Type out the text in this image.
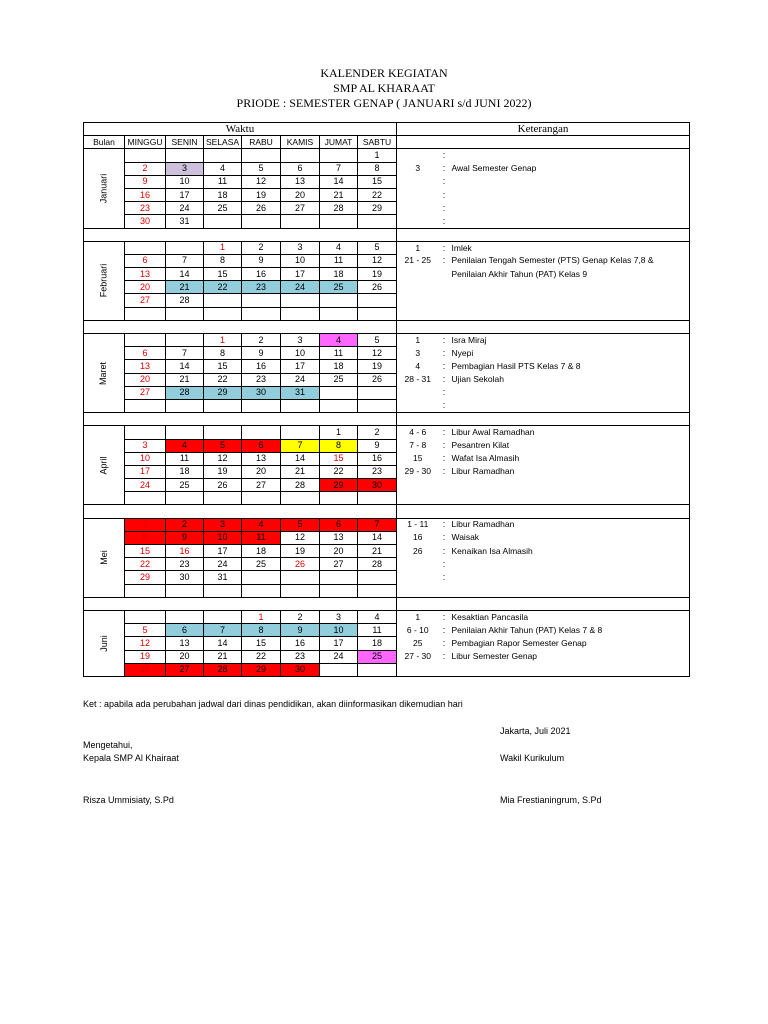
KALENDER KEGIATAN
SMP AL KHARAAT
PRIODE : SEMESTER GENAP ( JANUARI s/d JUNI 2022)
Waktu								Keterangan		
Bulan	MINGGU	SENIN	SELASA	RABU	KAMIS	JUMAT	SABTU			
Januari							1		:	
	2	3	4	5	6	7	8	3	:	Awal Semester Genap
	9	10	11	12	13	14	15		:	
	16	17	18	19	20	21	22		:	
	23	24	25	26	27	28	29		:	
	30	31							:	

Februari			1	2	3	4	5	1	:	Imlek
	6	7	8	9	10	11	12	21 - 25	:	Penilaian Tengah Semester (PTS) Genap Kelas 7,8 &
	13	14	15	16	17	18	19			Penilaian Akhir Tahun (PAT) Kelas 9
	20	21	22	23	24	25	26			
	27	28								

Maret			1	2	3	4	5	1	:	Isra Miraj
	6	7	8	9	10	11	12	3	:	Nyepi
	13	14	15	16	17	18	19	4	:	Pembagian Hasil PTS Kelas 7 & 8
	20	21	22	23	24	25	26	28 - 31	:	Ujian Sekolah
	27	28	29	30	31				:	
									:	

April						1	2	4 - 6	:	Libur Awal Ramadhan
	3	4	5	6	7	8	9	7 - 8	:	Pesantren Kilat
	10	11	12	13	14	15	16	15	:	Wafat Isa Almasih
	17	18	19	20	21	22	23	29 - 30	:	Libur Ramadhan
	24	25	26	27	28	29	30			

Mei	1	2	3	4	5	6	7	1 - 11	:	Libur Ramadhan
	8	9	10	11	12	13	14	16	:	Waisak
	15	16	17	18	19	20	21	26	:	Kenaikan Isa Almasih
	22	23	24	25	26	27	28		:	
	29	30	31						:	

Juni				1	2	3	4	1	:	Kesaktian Pancasila
	5	6	7	8	9	10	11	6 - 10	:	Penilaian Akhir Tahun (PAT) Kelas 7 & 8
	12	13	14	15	16	17	18	25	:	Pembagian Rapor Semester Genap
	19	20	21	22	23	24	25	27 - 30	:	Libur Semester Genap
	26	27	28	29	30					
Ket : apabila ada perubahan jadwal dari dinas pendidikan, akan diinformasikan dikemudian hari
Jakarta, Juli 2021
Mengetahui,
Kepala SMP Al Khairaat	Wakil Kurikulum
Risza Ummisiaty, S.Pd	Mia Frestianingrum, S.Pd
